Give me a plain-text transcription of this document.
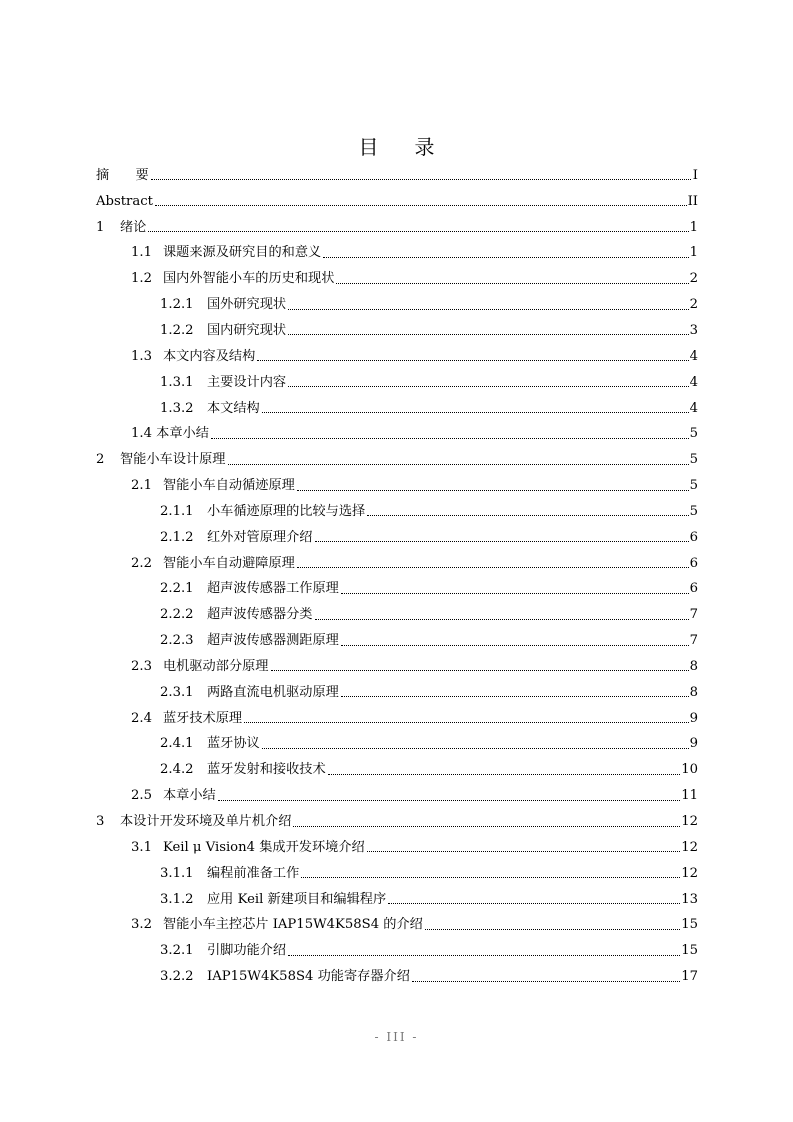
目 录
摘　　要	I
Abstract	II
1	绪论	1
1.1 课题来源及研究目的和意义	1
1.2 国内外智能小车的历史和现状	2
1.2.1	国外研究现状	2
1.2.2	国内研究现状	3
1.3 本文内容及结构	4
1.3.1	主要设计内容	4
1.3.2	本文结构	4
1.4 本章小结	5
2	智能小车设计原理	5
2.1 智能小车自动循迹原理	5
2.1.1	小车循迹原理的比较与选择	5
2.1.2	红外对管原理介绍	6
2.2 智能小车自动避障原理	6
2.2.1	超声波传感器工作原理	6
2.2.2	超声波传感器分类	7
2.2.3	超声波传感器测距原理	7
2.3 电机驱动部分原理	8
2.3.1	两路直流电机驱动原理	8
2.4 蓝牙技术原理	9
2.4.1	蓝牙协议	9
2.4.2	蓝牙发射和接收技术	10
2.5 本章小结	11
3	本设计开发环境及单片机介绍	12
3.1 Keil μ Vision4 集成开发环境介绍	12
3.1.1	编程前准备工作	12
3.1.2	应用 Keil 新建项目和编辑程序	13
3.2 智能小车主控芯片 IAP15W4K58S4 的介绍	15
3.2.1	引脚功能介绍	15
3.2.2	IAP15W4K58S4 功能寄存器介绍	17
- III -
